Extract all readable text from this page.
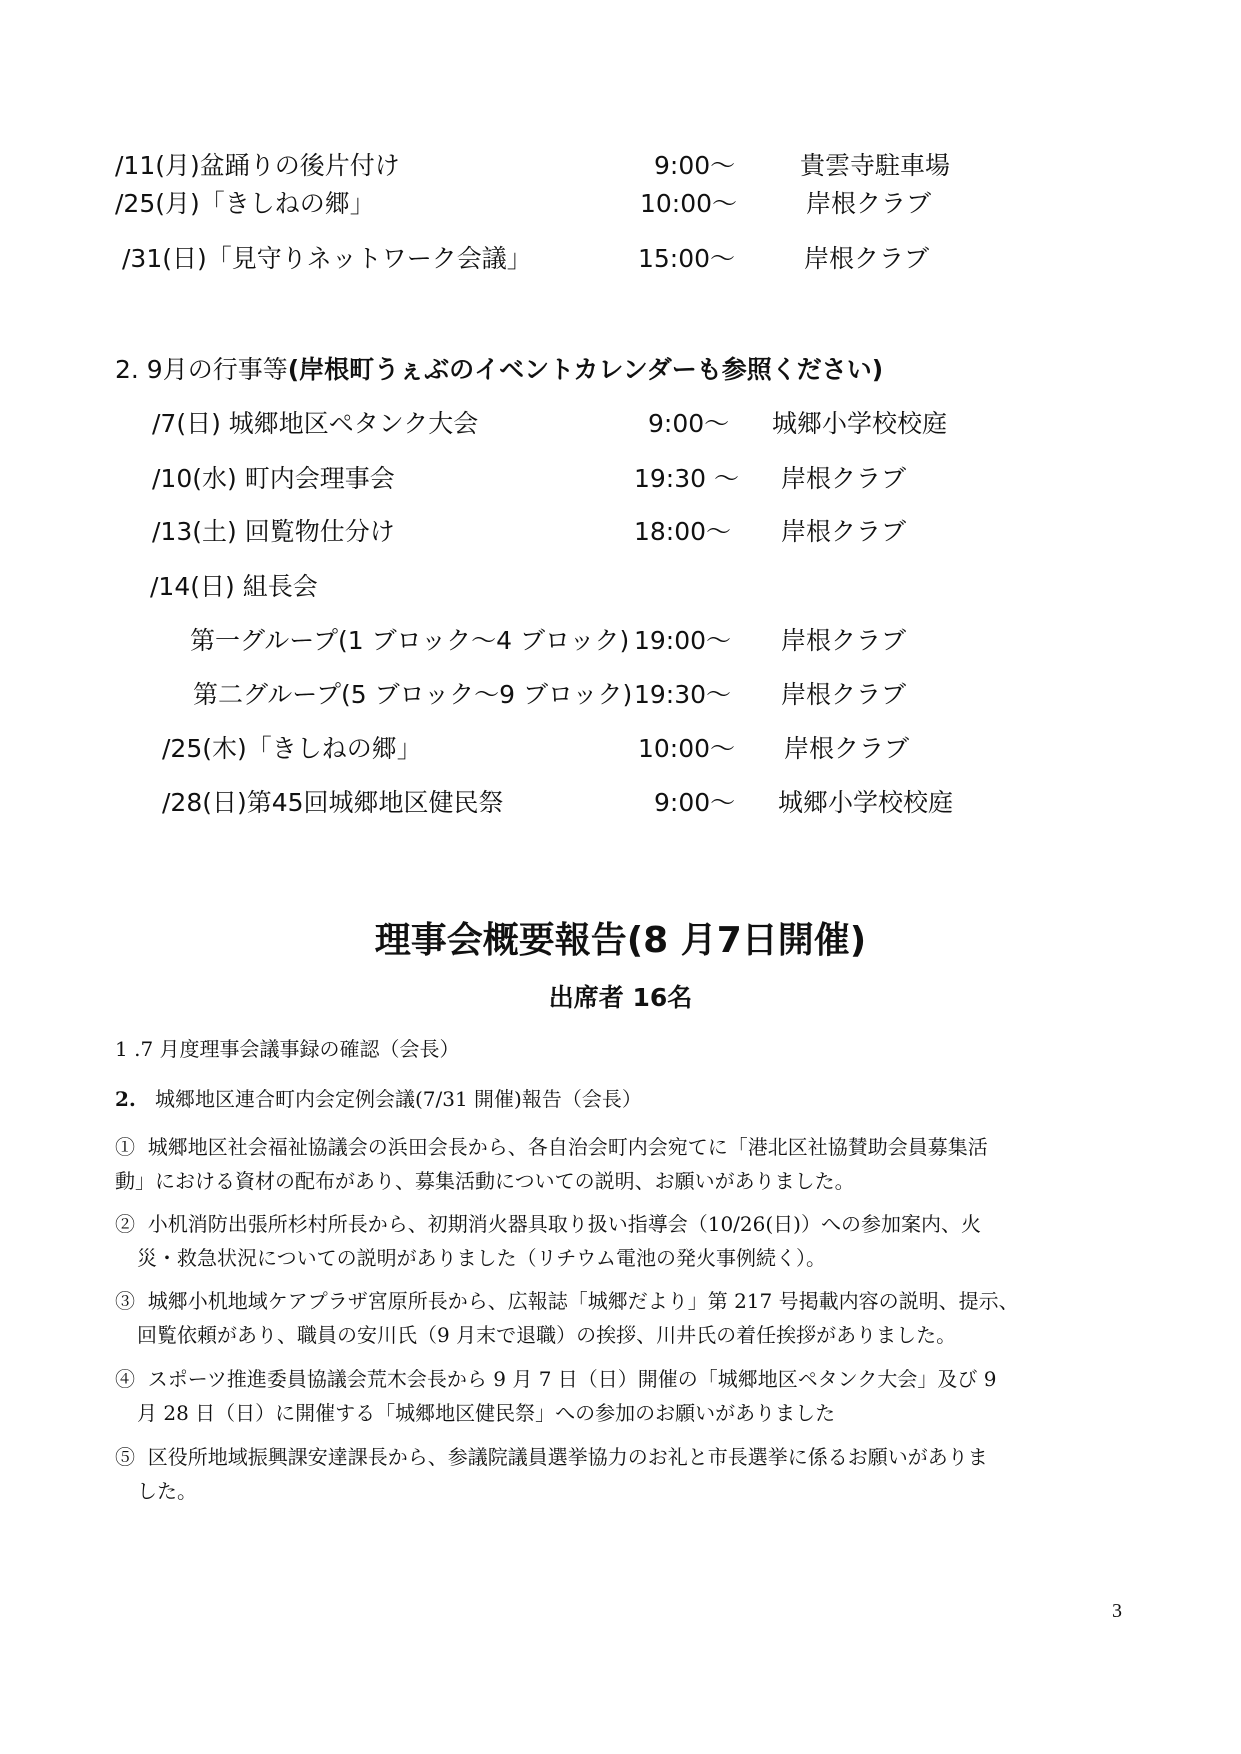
/11(月)盆踊りの後片付け	9:00〜	貴雲寺駐車場
/25(月)「きしねの郷」	10:00〜	岸根クラブ
/31(日)「見守りネットワーク会議」	15:00〜	岸根クラブ
2. 9月の行事等(岸根町うぇぶのイベントカレンダーも参照ください)
/7(日) 城郷地区ペタンク大会	9:00〜 城郷小学校校庭
/10(水) 町内会理事会	19:30 〜 岸根クラブ
/13(土) 回覧物仕分け	18:00〜 岸根クラブ
/14(日) 組長会
第一グループ(1 ブロック〜4 ブロック) 19:00〜 岸根クラブ
第二グループ(5 ブロック〜9 ブロック) 19:30〜 岸根クラブ
/25(木)「きしねの郷」	10:00〜 岸根クラブ
/28(日)第45回城郷地区健民祭	9:00〜 城郷小学校校庭
理事会概要報告(8 月7日開催)
出席者 16名
1 .7 月度理事会議事録の確認（会長）
2. 城郷地区連合町内会定例会議(7/31 開催)報告（会長）
① 城郷地区社会福祉協議会の浜田会長から、各自治会町内会宛てに「港北区社協賛助会員募集活
動」における資材の配布があり、募集活動についての説明、お願いがありました。
② 小机消防出張所杉村所長から、初期消火器具取り扱い指導会（10/26(日)）への参加案内、火
災・救急状況についての説明がありました（リチウム電池の発火事例続く）。
③ 城郷小机地域ケアプラザ宮原所長から、広報誌「城郷だより」第 217 号掲載内容の説明、提示、
回覧依頼があり、職員の安川氏（9 月末で退職）の挨拶、川井氏の着任挨拶がありました。
④ スポーツ推進委員協議会荒木会長から 9 月 7 日（日）開催の「城郷地区ペタンク大会」及び 9
月 28 日（日）に開催する「城郷地区健民祭」への参加のお願いがありました
⑤ 区役所地域振興課安達課長から、参議院議員選挙協力のお礼と市長選挙に係るお願いがありま
した。
3
